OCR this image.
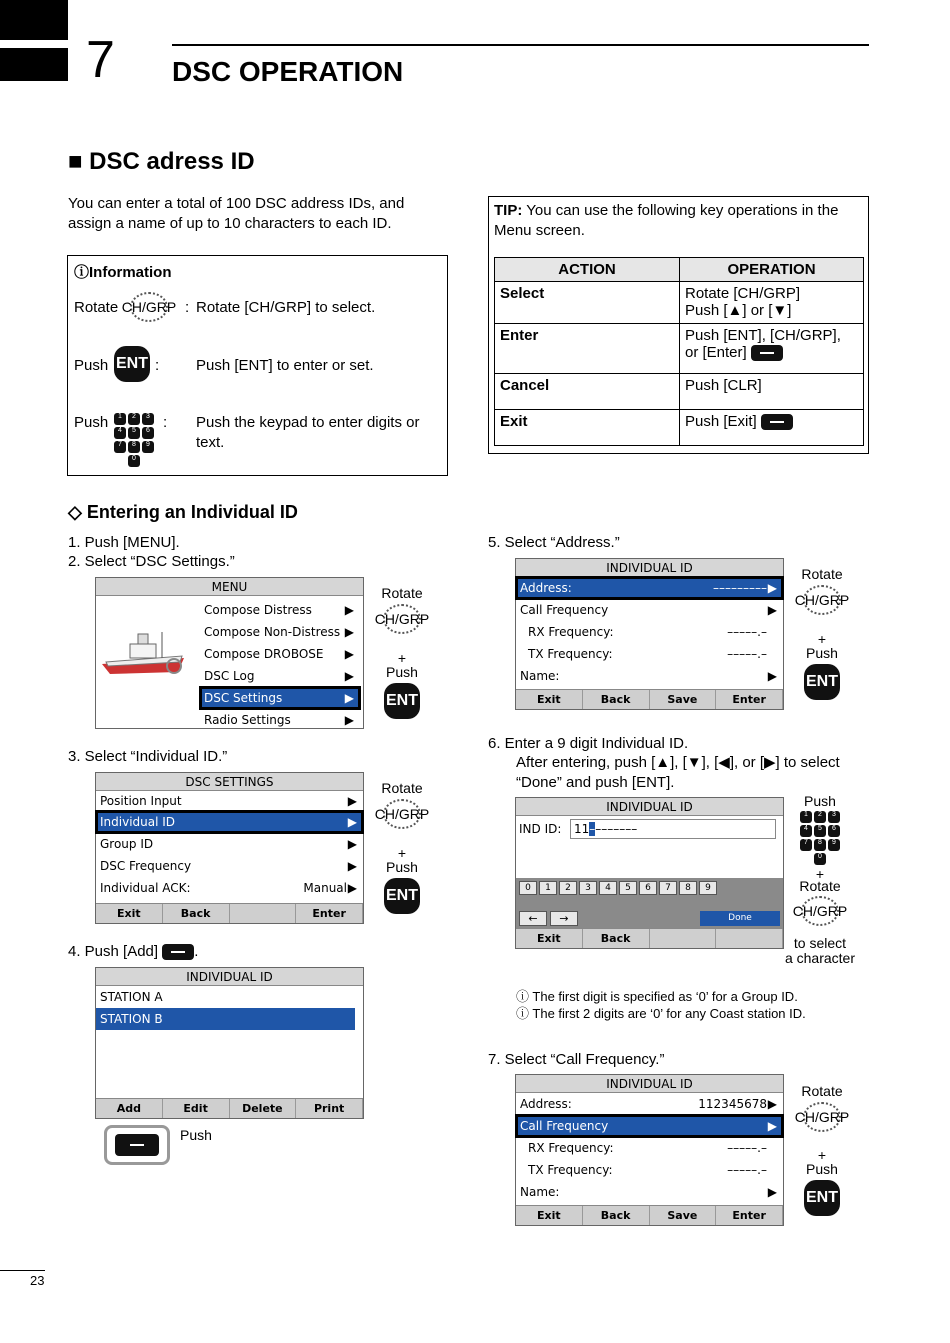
7 DSC OPERATION
■ DSC adress ID
You can enter a total of 100 DSC address IDs, and assign a name of up to 10 characters to each ID.
ⓘInformation
Rotate CH/GRP : Rotate [CH/GRP] to select.
Push ENT : Push [ENT] to enter or set.
Push	1	2	3
4	5	6
7	8	9
0
: Push the keypad to enter digits or text.
TIP: You can use the following key operations in the Menu screen.
ACTION	OPERATION
Select	Rotate [CH/GRP]
Push [▲] or [▼]

Enter	Push [ENT], [CH/GRP],
or [Enter]

Cancel	Push [CLR]
Exit	Push [Exit]
◇ Entering an Individual ID
1. Push [MENU].
2. Select “DSC Settings.”
MENU
Compose Distress	▶
Compose Non-Distress ▶
Compose DROBOSE ▶
DSC Log	▶
DSC Settings	▶
Radio Settings	▶
Rotate
CH/GRP
+
Push
ENT
3. Select “Individual ID.”
DSC SETTINGS
Position Input	▶
Individual ID	▶
Group ID	▶
DSC Frequency	▶
Individual ACK:	Manual ▶
Exit	Back	Enter
Rotate
CH/GRP
+
Push
ENT
4. Push [Add] .
INDIVIDUAL ID
STATION A
STATION B
Add	Edit	Delete	Print
Push
5. Select “Address.”
INDIVIDUAL ID
Address:	––––––––– ▶
Call Frequency	▶
RX Frequency:	–––––.–
TX Frequency:	–––––.–
Name:	▶
Exit	Back	Save	Enter
Rotate
CH/GRP
+
Push
ENT
6. Enter a 9 digit Individual ID.
After entering, push [▲], [▼], [◀], or [▶] to select “Done” and push [ENT].
INDIVIDUAL ID
IND ID:	11––––––––
0	1	2	3	4	5	6	7	8	9
←	→	Done
Exit	Back
Push
1	2	3
4	5	6
7	8	9
0
+
Rotate
CH/GRP
to select
a character
ⓘ The first digit is specified as ‘0’ for a Group ID.
ⓘ The first 2 digits are ‘0’ for any Coast station ID.
7. Select “Call Frequency.”
INDIVIDUAL ID
Address:	112345678 ▶
Call Frequency	▶
RX Frequency:	–––––.–
TX Frequency:	–––––.–
Name:	▶
Exit	Back	Save	Enter
Rotate
CH/GRP
+
Push
ENT
23
